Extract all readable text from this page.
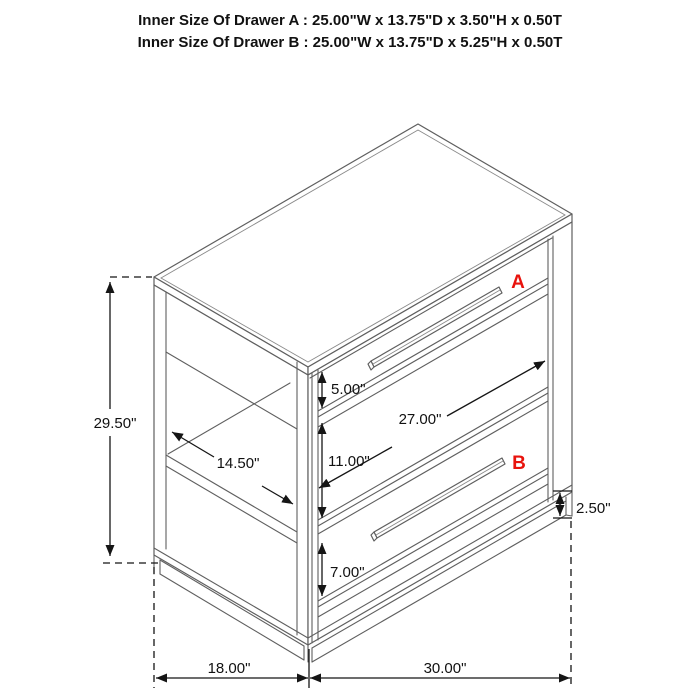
Inner Size Of Drawer A : 25.00"W x 13.75"D x 3.50"H x 0.50T
Inner Size Of Drawer B : 25.00"W x 13.75"D x 5.25"H x 0.50T
A
B
29.50"
14.50"
5.00"
11.00"
27.00"
7.00"
2.50"
18.00"	30.00"
